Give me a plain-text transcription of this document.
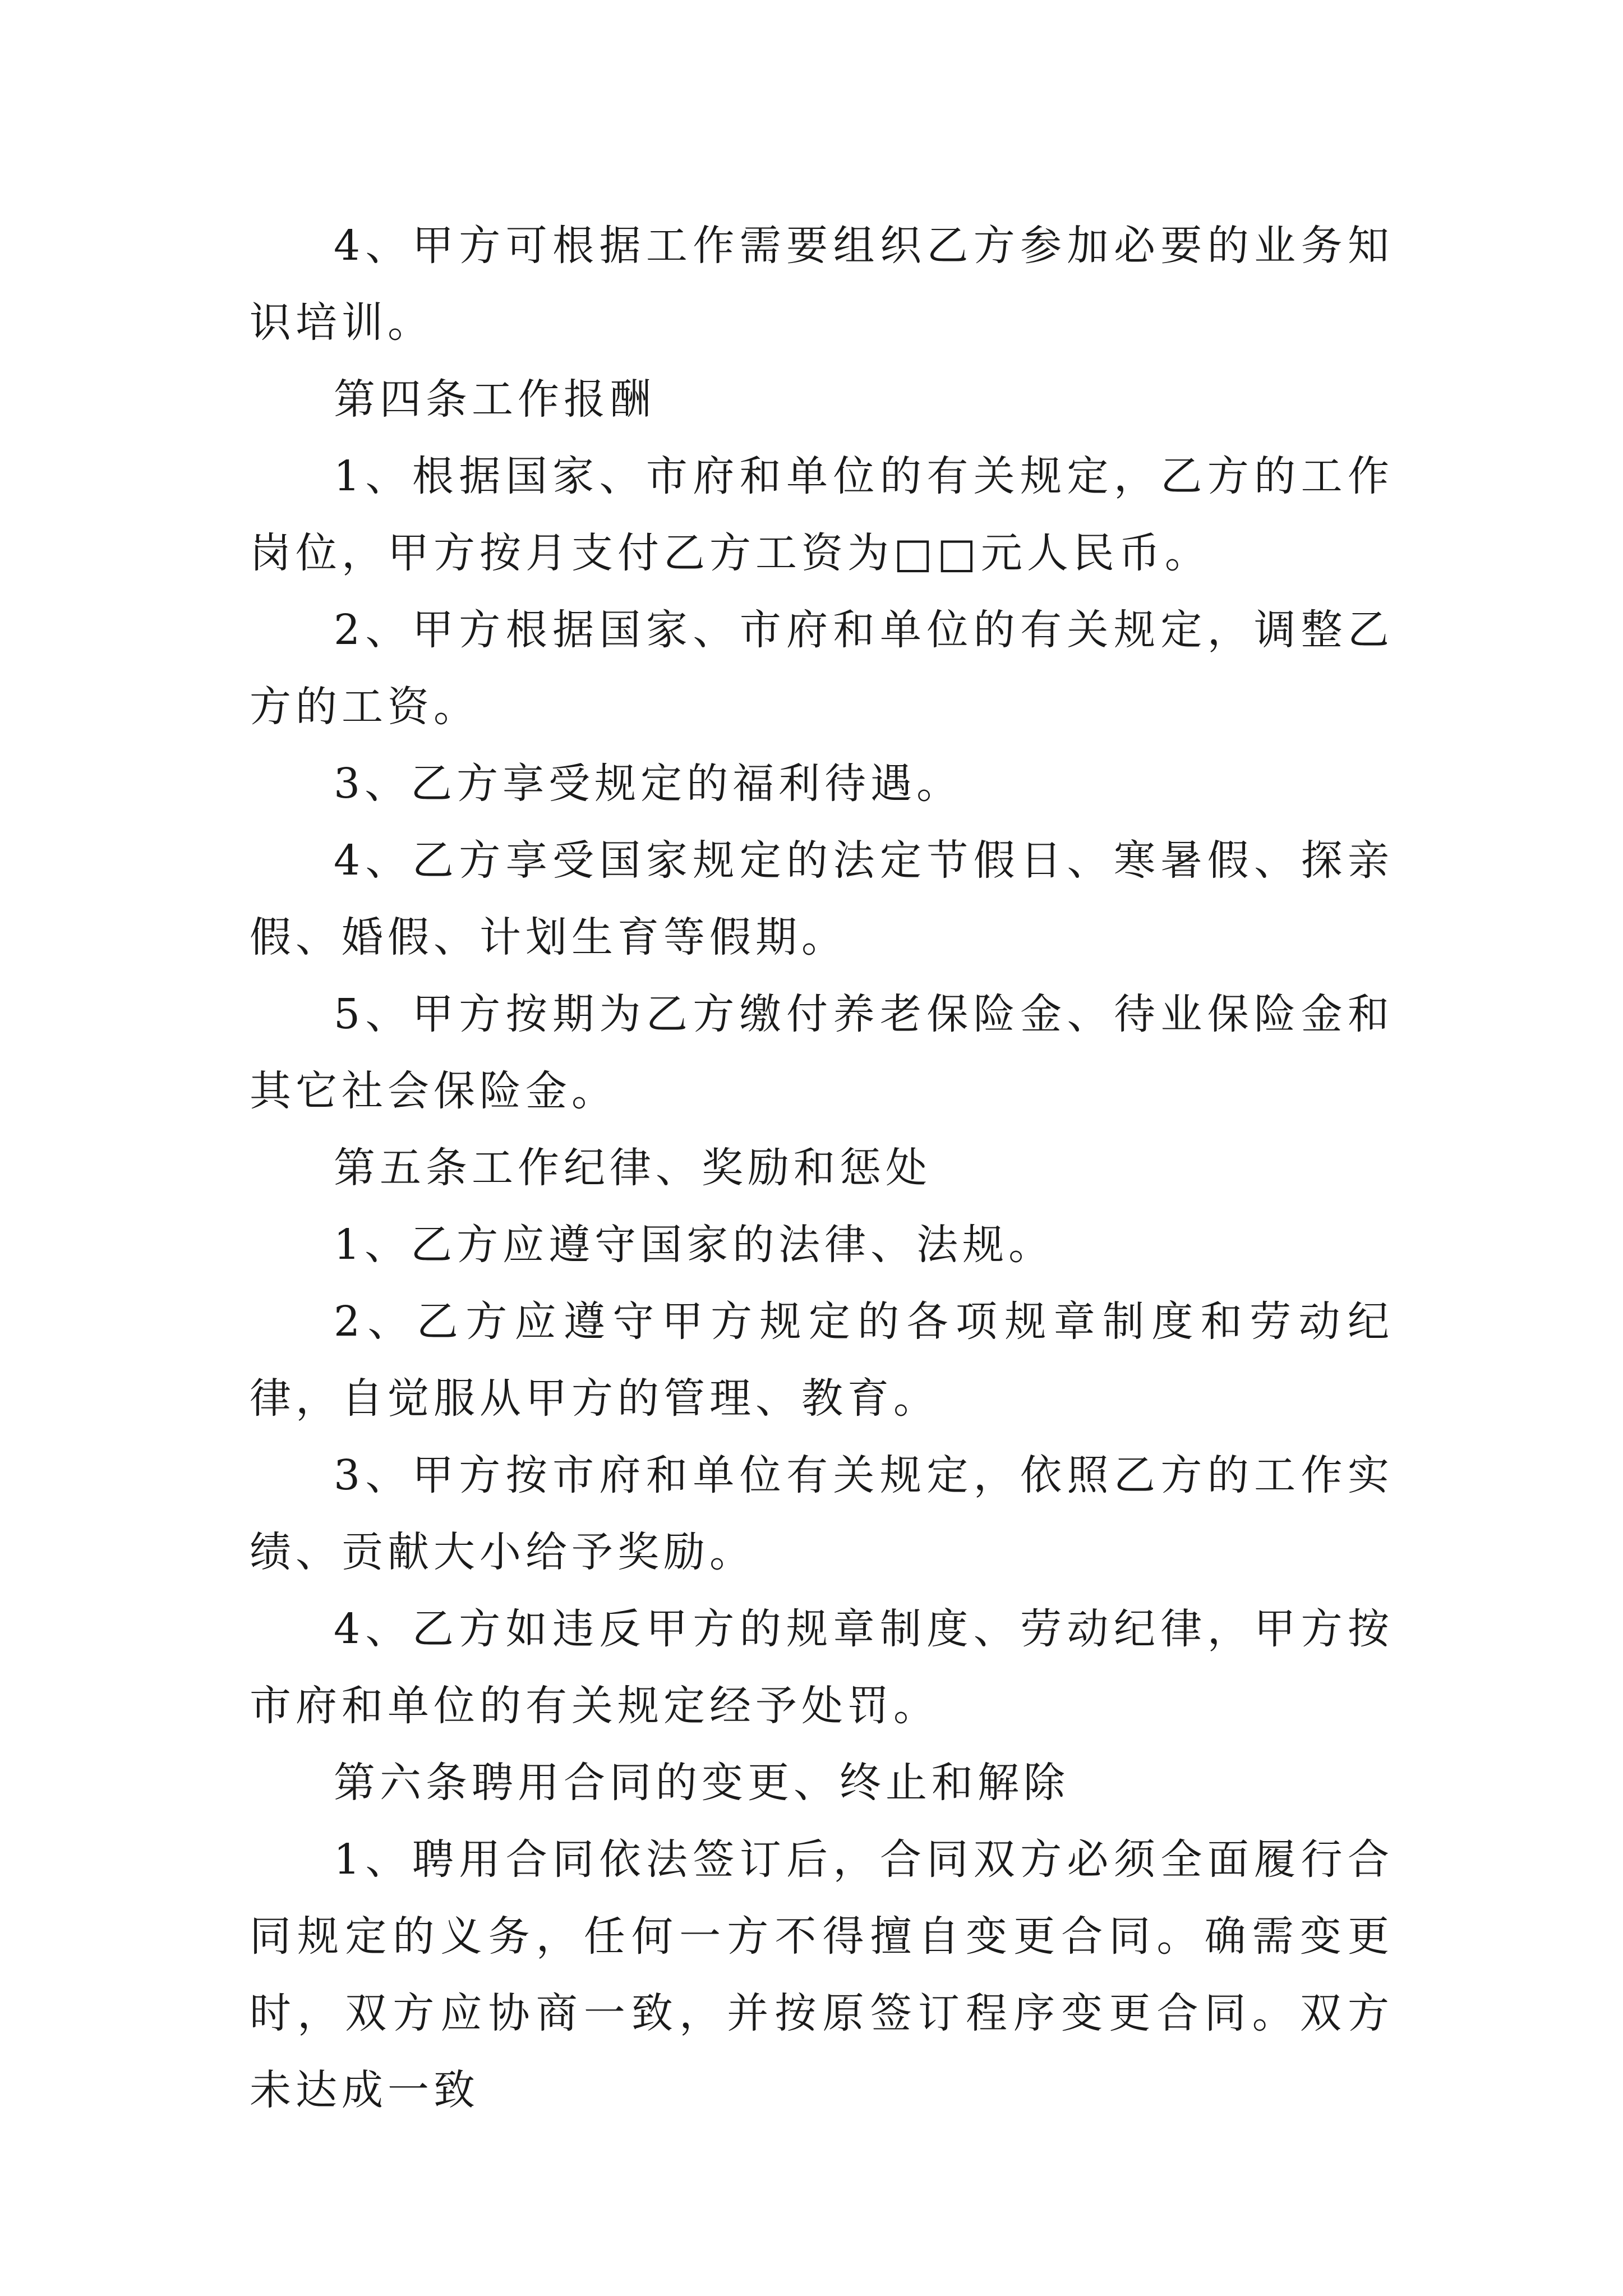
4、甲方可根据工作需要组织乙方参加必要的业务知识培训。

第四条工作报酬

1、根据国家、市府和单位的有关规定，乙方的工作岗位，甲方按月支付乙方工资为□□元人民币。

2、甲方根据国家、市府和单位的有关规定，调整乙方的工资。

3、乙方享受规定的福利待遇。

4、乙方享受国家规定的法定节假日、寒暑假、探亲假、婚假、计划生育等假期。

5、甲方按期为乙方缴付养老保险金、待业保险金和其它社会保险金。

第五条工作纪律、奖励和惩处

1、乙方应遵守国家的法律、法规。

2、乙方应遵守甲方规定的各项规章制度和劳动纪律，自觉服从甲方的管理、教育。

3、甲方按市府和单位有关规定，依照乙方的工作实绩、贡献大小给予奖励。

4、乙方如违反甲方的规章制度、劳动纪律，甲方按市府和单位的有关规定经予处罚。

第六条聘用合同的变更、终止和解除

1、聘用合同依法签订后，合同双方必须全面履行合同规定的义务，任何一方不得擅自变更合同。确需变更时，双方应协商一致，并按原签订程序变更合同。双方未达成一致
